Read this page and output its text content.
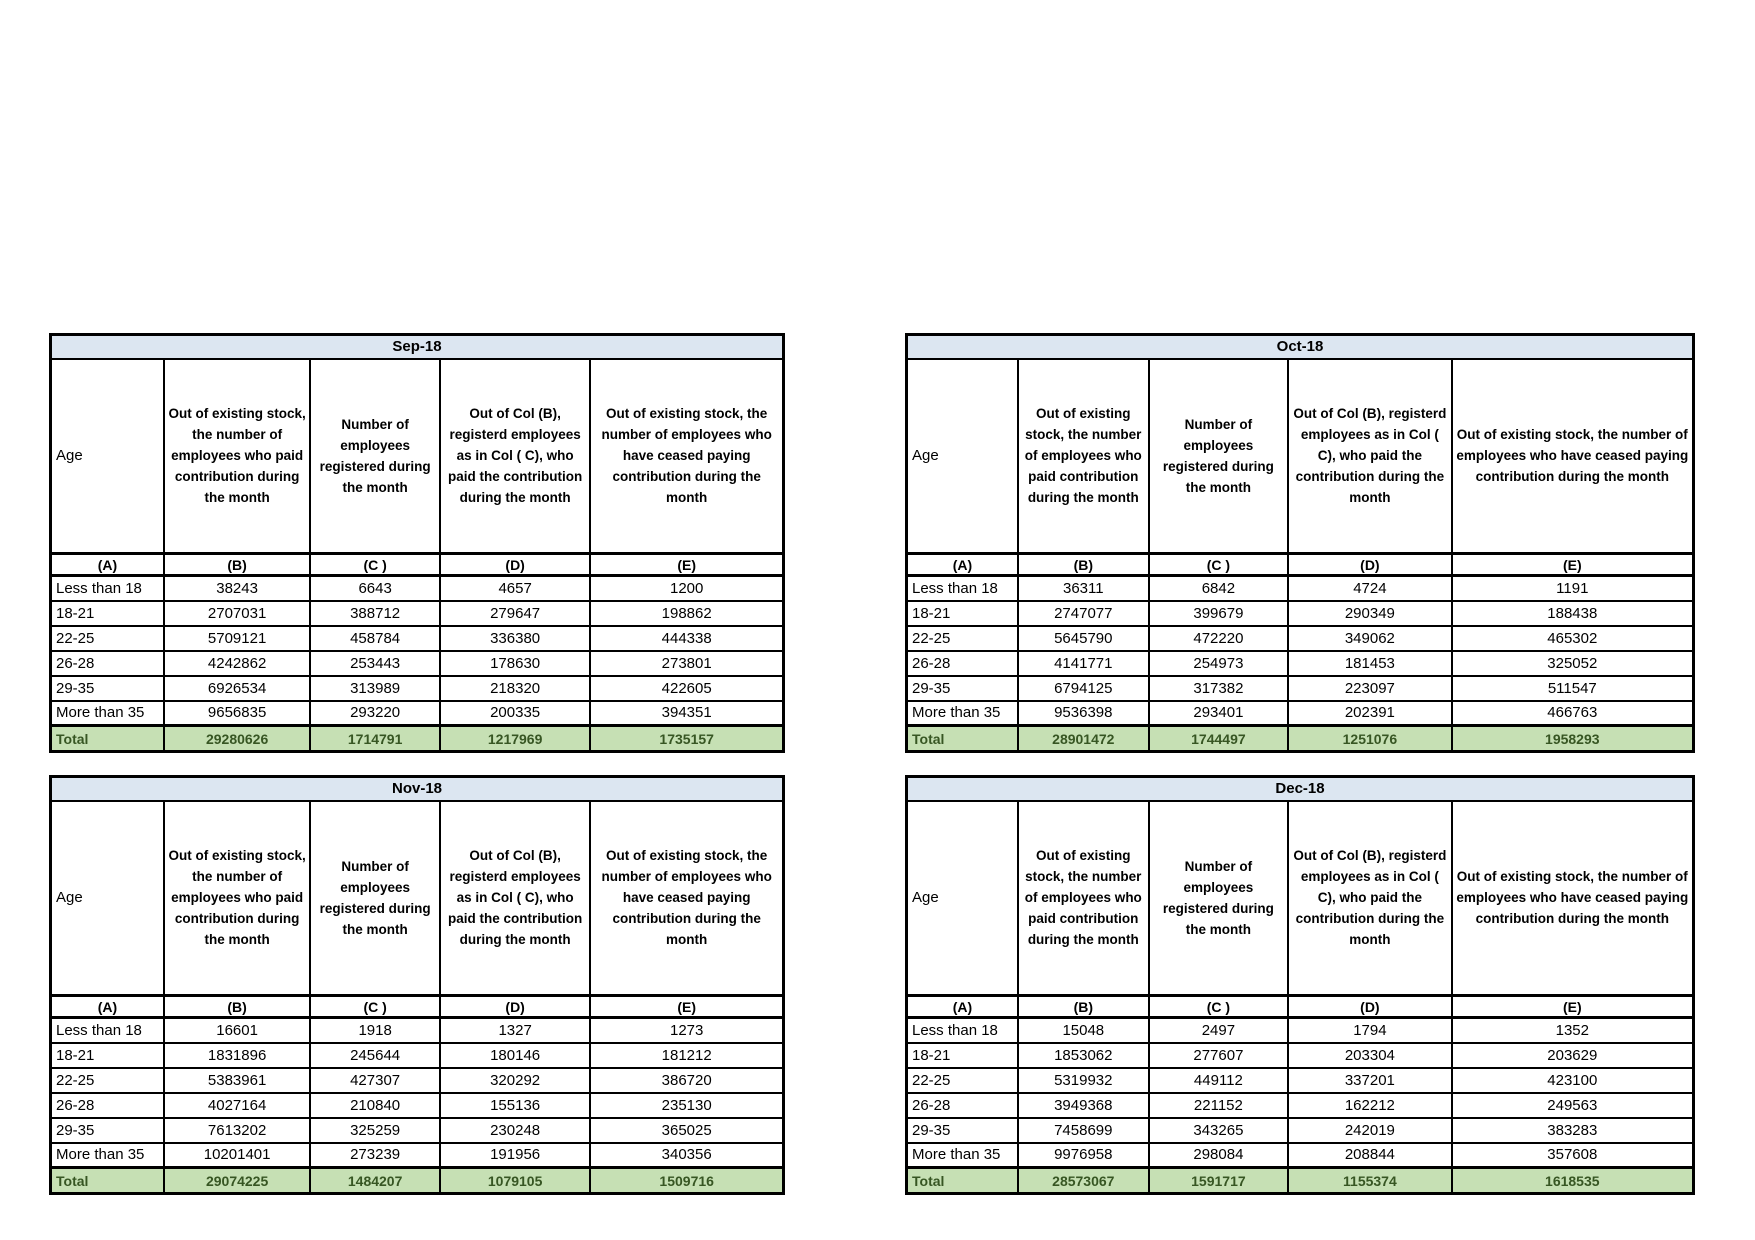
Sep-18				
Age	Out of existing stock, the number of employees who paid contribution during the month	Number of employees registered during the month	Out of Col (B), registerd employees as in Col ( C), who paid the contribution during the month	Out of existing stock, the number of employees who have ceased paying contribution during the month
(A)	(B)	(C )	(D)	(E)
Less than 18	38243	6643	4657	1200
18-21	2707031	388712	279647	198862
22-25	5709121	458784	336380	444338
26-28	4242862	253443	178630	273801
29-35	6926534	313989	218320	422605
More than 35	9656835	293220	200335	394351
Total	29280626	1714791	1217969	1735157
Oct-18				
Age	Out of existing stock, the number of employees who paid contribution during the month	Number of employees registered during the month	Out of Col (B), registerd employees as in Col ( C), who paid the contribution during the month	Out of existing stock, the number of employees who have ceased paying contribution during the month
(A)	(B)	(C )	(D)	(E)
Less than 18	36311	6842	4724	1191
18-21	2747077	399679	290349	188438
22-25	5645790	472220	349062	465302
26-28	4141771	254973	181453	325052
29-35	6794125	317382	223097	511547
More than 35	9536398	293401	202391	466763
Total	28901472	1744497	1251076	1958293
Nov-18				
Age	Out of existing stock, the number of employees who paid contribution during the month	Number of employees registered during the month	Out of Col (B), registerd employees as in Col ( C), who paid the contribution during the month	Out of existing stock, the number of employees who have ceased paying contribution during the month
(A)	(B)	(C )	(D)	(E)
Less than 18	16601	1918	1327	1273
18-21	1831896	245644	180146	181212
22-25	5383961	427307	320292	386720
26-28	4027164	210840	155136	235130
29-35	7613202	325259	230248	365025
More than 35	10201401	273239	191956	340356
Total	29074225	1484207	1079105	1509716
Dec-18				
Age	Out of existing stock, the number of employees who paid contribution during the month	Number of employees registered during the month	Out of Col (B), registerd employees as in Col ( C), who paid the contribution during the month	Out of existing stock, the number of employees who have ceased paying contribution during the month
(A)	(B)	(C )	(D)	(E)
Less than 18	15048	2497	1794	1352
18-21	1853062	277607	203304	203629
22-25	5319932	449112	337201	423100
26-28	3949368	221152	162212	249563
29-35	7458699	343265	242019	383283
More than 35	9976958	298084	208844	357608
Total	28573067	1591717	1155374	1618535
